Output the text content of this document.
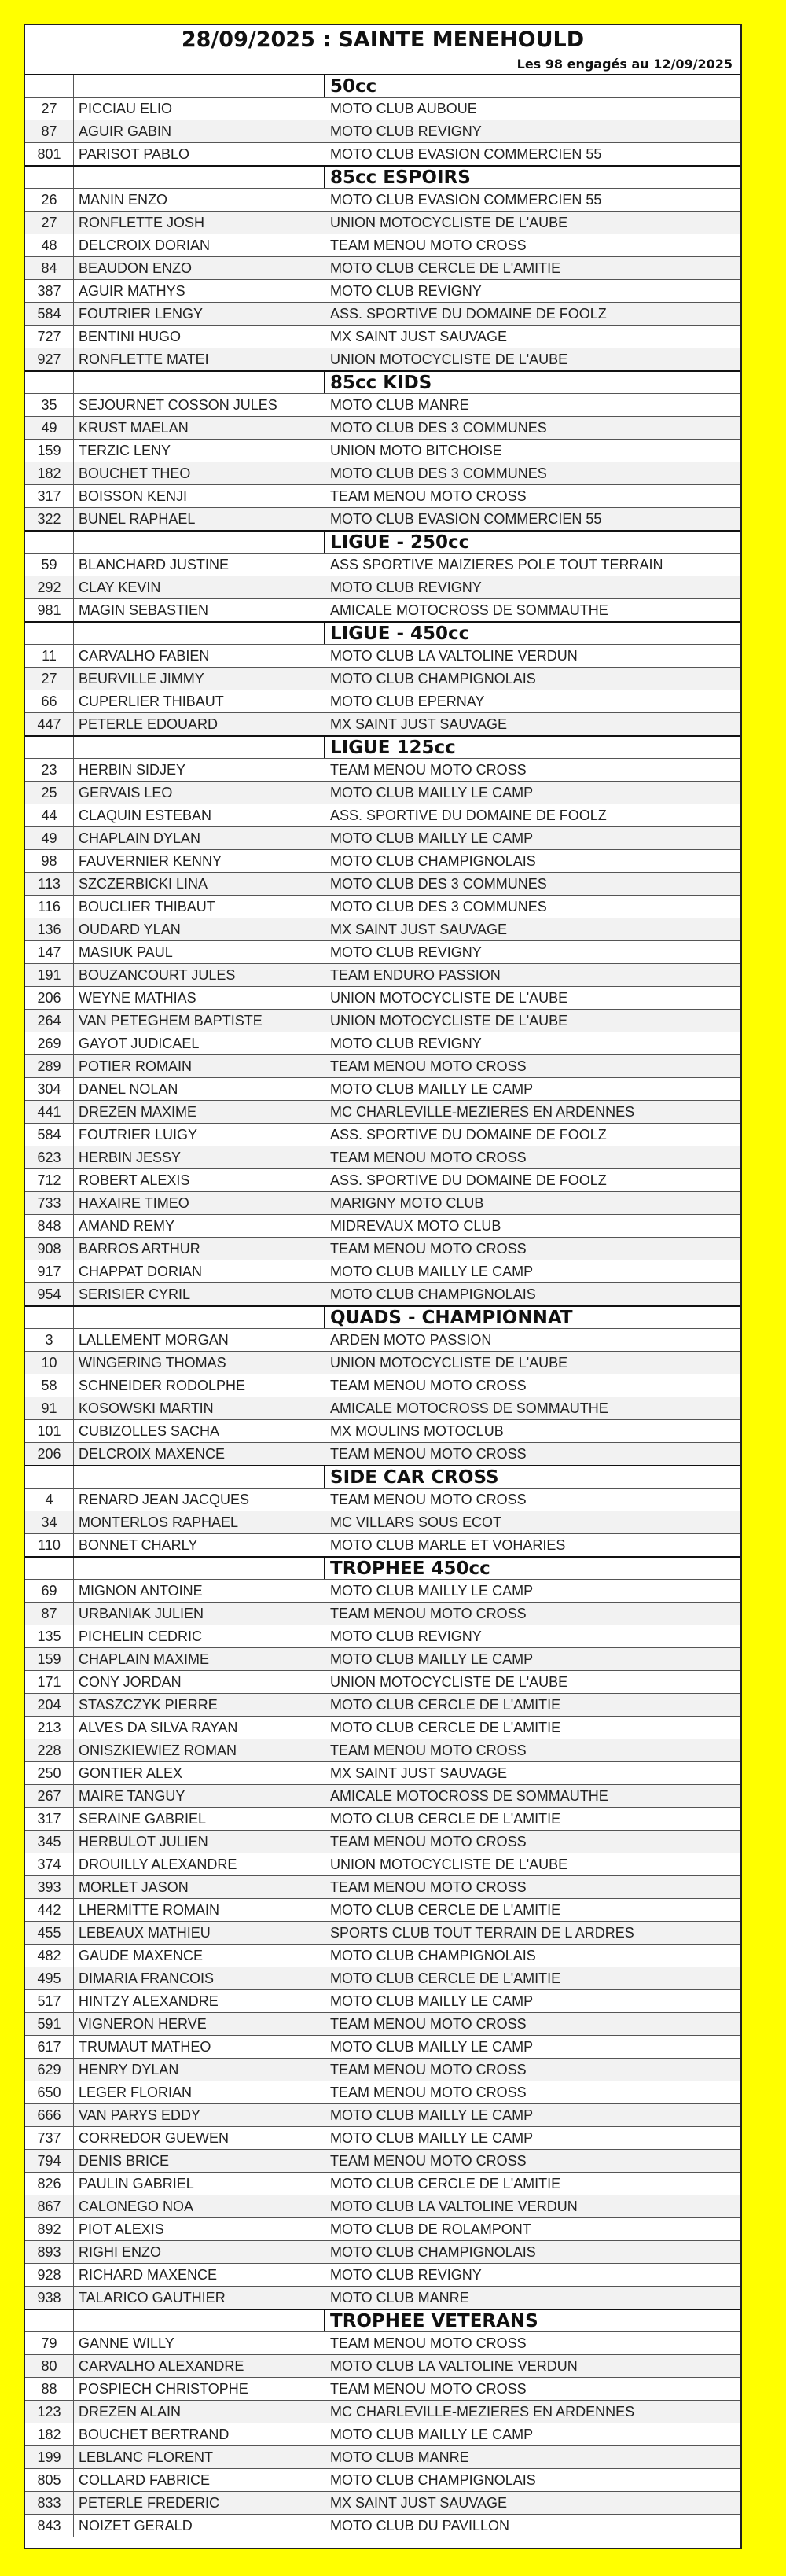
28/09/2025 : SAINTE MENEHOULD
Les 98 engagés au 12/09/2025
50cc
27	PICCIAU ELIO	MOTO CLUB AUBOUE
87	AGUIR GABIN	MOTO CLUB REVIGNY
801	PARISOT PABLO	MOTO CLUB EVASION COMMERCIEN 55
85cc ESPOIRS
26	MANIN ENZO	MOTO CLUB EVASION COMMERCIEN 55
27	RONFLETTE JOSH	UNION MOTOCYCLISTE DE L'AUBE
48	DELCROIX DORIAN	TEAM MENOU MOTO CROSS
84	BEAUDON ENZO	MOTO CLUB CERCLE DE L'AMITIE
387	AGUIR MATHYS	MOTO CLUB REVIGNY
584	FOUTRIER LENGY	ASS. SPORTIVE DU DOMAINE DE FOOLZ
727	BENTINI HUGO	MX SAINT JUST SAUVAGE
927	RONFLETTE MATEI	UNION MOTOCYCLISTE DE L'AUBE
85cc KIDS
35	SEJOURNET COSSON JULES	MOTO CLUB MANRE
49	KRUST MAELAN	MOTO CLUB DES 3 COMMUNES
159	TERZIC LENY	UNION MOTO BITCHOISE
182	BOUCHET THEO	MOTO CLUB DES 3 COMMUNES
317	BOISSON KENJI	TEAM MENOU MOTO CROSS
322	BUNEL RAPHAEL	MOTO CLUB EVASION COMMERCIEN 55
LIGUE - 250cc
59	BLANCHARD JUSTINE	ASS SPORTIVE MAIZIERES POLE TOUT TERRAIN
292	CLAY KEVIN	MOTO CLUB REVIGNY
981	MAGIN SEBASTIEN	AMICALE MOTOCROSS DE SOMMAUTHE
LIGUE - 450cc
11	CARVALHO FABIEN	MOTO CLUB LA VALTOLINE VERDUN
27	BEURVILLE JIMMY	MOTO CLUB CHAMPIGNOLAIS
66	CUPERLIER THIBAUT	MOTO CLUB EPERNAY
447	PETERLE EDOUARD	MX SAINT JUST SAUVAGE
LIGUE 125cc
23	HERBIN SIDJEY	TEAM MENOU MOTO CROSS
25	GERVAIS LEO	MOTO CLUB MAILLY LE CAMP
44	CLAQUIN ESTEBAN	ASS. SPORTIVE DU DOMAINE DE FOOLZ
49	CHAPLAIN DYLAN	MOTO CLUB MAILLY LE CAMP
98	FAUVERNIER KENNY	MOTO CLUB CHAMPIGNOLAIS
113	SZCZERBICKI LINA	MOTO CLUB DES 3 COMMUNES
116	BOUCLIER THIBAUT	MOTO CLUB DES 3 COMMUNES
136	OUDARD YLAN	MX SAINT JUST SAUVAGE
147	MASIUK PAUL	MOTO CLUB REVIGNY
191	BOUZANCOURT JULES	TEAM ENDURO PASSION
206	WEYNE MATHIAS	UNION MOTOCYCLISTE DE L'AUBE
264	VAN PETEGHEM BAPTISTE	UNION MOTOCYCLISTE DE L'AUBE
269	GAYOT JUDICAEL	MOTO CLUB REVIGNY
289	POTIER ROMAIN	TEAM MENOU MOTO CROSS
304	DANEL NOLAN	MOTO CLUB MAILLY LE CAMP
441	DREZEN MAXIME	MC CHARLEVILLE-MEZIERES EN ARDENNES
584	FOUTRIER LUIGY	ASS. SPORTIVE DU DOMAINE DE FOOLZ
623	HERBIN JESSY	TEAM MENOU MOTO CROSS
712	ROBERT ALEXIS	ASS. SPORTIVE DU DOMAINE DE FOOLZ
733	HAXAIRE TIMEO	MARIGNY MOTO CLUB
848	AMAND REMY	MIDREVAUX MOTO CLUB
908	BARROS ARTHUR	TEAM MENOU MOTO CROSS
917	CHAPPAT DORIAN	MOTO CLUB MAILLY LE CAMP
954	SERISIER CYRIL	MOTO CLUB CHAMPIGNOLAIS
QUADS - CHAMPIONNAT
3	LALLEMENT MORGAN	ARDEN MOTO PASSION
10	WINGERING THOMAS	UNION MOTOCYCLISTE DE L'AUBE
58	SCHNEIDER RODOLPHE	TEAM MENOU MOTO CROSS
91	KOSOWSKI MARTIN	AMICALE MOTOCROSS DE SOMMAUTHE
101	CUBIZOLLES SACHA	MX MOULINS MOTOCLUB
206	DELCROIX MAXENCE	TEAM MENOU MOTO CROSS
SIDE CAR CROSS
4	RENARD JEAN JACQUES	TEAM MENOU MOTO CROSS
34	MONTERLOS RAPHAEL	MC VILLARS SOUS ECOT
110	BONNET CHARLY	MOTO CLUB MARLE ET VOHARIES
TROPHEE 450cc
69	MIGNON ANTOINE	MOTO CLUB MAILLY LE CAMP
87	URBANIAK JULIEN	TEAM MENOU MOTO CROSS
135	PICHELIN CEDRIC	MOTO CLUB REVIGNY
159	CHAPLAIN MAXIME	MOTO CLUB MAILLY LE CAMP
171	CONY JORDAN	UNION MOTOCYCLISTE DE L'AUBE
204	STASZCZYK PIERRE	MOTO CLUB CERCLE DE L'AMITIE
213	ALVES DA SILVA RAYAN	MOTO CLUB CERCLE DE L'AMITIE
228	ONISZKIEWIEZ ROMAN	TEAM MENOU MOTO CROSS
250	GONTIER ALEX	MX SAINT JUST SAUVAGE
267	MAIRE TANGUY	AMICALE MOTOCROSS DE SOMMAUTHE
317	SERAINE GABRIEL	MOTO CLUB CERCLE DE L'AMITIE
345	HERBULOT JULIEN	TEAM MENOU MOTO CROSS
374	DROUILLY ALEXANDRE	UNION MOTOCYCLISTE DE L'AUBE
393	MORLET JASON	TEAM MENOU MOTO CROSS
442	LHERMITTE ROMAIN	MOTO CLUB CERCLE DE L'AMITIE
455	LEBEAUX MATHIEU	SPORTS CLUB TOUT TERRAIN DE L ARDRES
482	GAUDE MAXENCE	MOTO CLUB CHAMPIGNOLAIS
495	DIMARIA FRANCOIS	MOTO CLUB CERCLE DE L'AMITIE
517	HINTZY ALEXANDRE	MOTO CLUB MAILLY LE CAMP
591	VIGNERON HERVE	TEAM MENOU MOTO CROSS
617	TRUMAUT MATHEO	MOTO CLUB MAILLY LE CAMP
629	HENRY DYLAN	TEAM MENOU MOTO CROSS
650	LEGER FLORIAN	TEAM MENOU MOTO CROSS
666	VAN PARYS EDDY	MOTO CLUB MAILLY LE CAMP
737	CORREDOR GUEWEN	MOTO CLUB MAILLY LE CAMP
794	DENIS BRICE	TEAM MENOU MOTO CROSS
826	PAULIN GABRIEL	MOTO CLUB CERCLE DE L'AMITIE
867	CALONEGO NOA	MOTO CLUB LA VALTOLINE VERDUN
892	PIOT ALEXIS	MOTO CLUB DE ROLAMPONT
893	RIGHI ENZO	MOTO CLUB CHAMPIGNOLAIS
928	RICHARD MAXENCE	MOTO CLUB REVIGNY
938	TALARICO GAUTHIER	MOTO CLUB MANRE
TROPHEE VETERANS
79	GANNE WILLY	TEAM MENOU MOTO CROSS
80	CARVALHO ALEXANDRE	MOTO CLUB LA VALTOLINE VERDUN
88	POSPIECH CHRISTOPHE	TEAM MENOU MOTO CROSS
123	DREZEN ALAIN	MC CHARLEVILLE-MEZIERES EN ARDENNES
182	BOUCHET BERTRAND	MOTO CLUB MAILLY LE CAMP
199	LEBLANC FLORENT	MOTO CLUB MANRE
805	COLLARD FABRICE	MOTO CLUB CHAMPIGNOLAIS
833	PETERLE FREDERIC	MX SAINT JUST SAUVAGE
843	NOIZET GERALD	MOTO CLUB DU PAVILLON
